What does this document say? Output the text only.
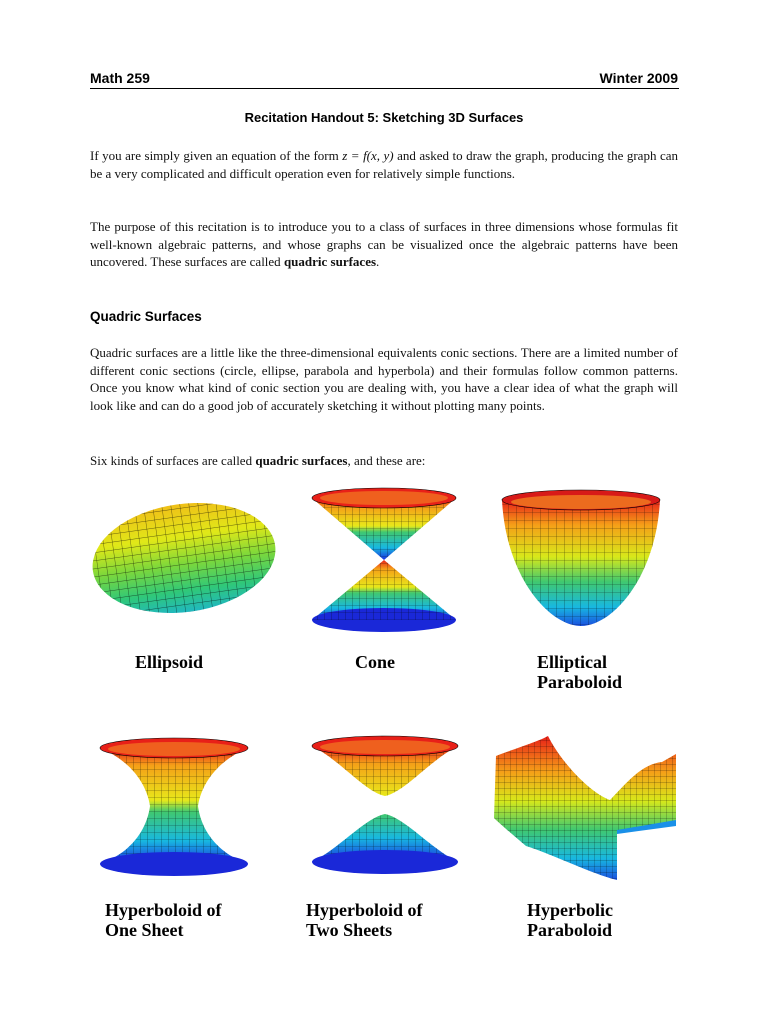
Math 259	Winter 2009
Recitation Handout 5: Sketching 3D Surfaces

If you are simply given an equation of the form z = f(x, y) and asked to draw the graph, producing the graph can be a very complicated and difficult operation even for relatively simple functions.

The purpose of this recitation is to introduce you to a class of surfaces in three dimensions whose formulas fit well-known algebraic patterns, and whose graphs can be visualized once the algebraic patterns have been uncovered. These surfaces are called quadric surfaces.

Quadric Surfaces

Quadric surfaces are a little like the three-dimensional equivalents conic sections. There are a limited number of different conic sections (circle, ellipse, parabola and hyperbola) and their formulas follow common patterns. Once you know what kind of conic section you are dealing with, you have a clear idea of what the graph will look like and can do a good job of accurately sketching it without plotting many points.

Six kinds of surfaces are called quadric surfaces, and these are:

Ellipsoid	Cone	Elliptical
Paraboloid
Hyperboloid of
One Sheet
Hyperboloid of
Two Sheets
Hyperbolic
Paraboloid
